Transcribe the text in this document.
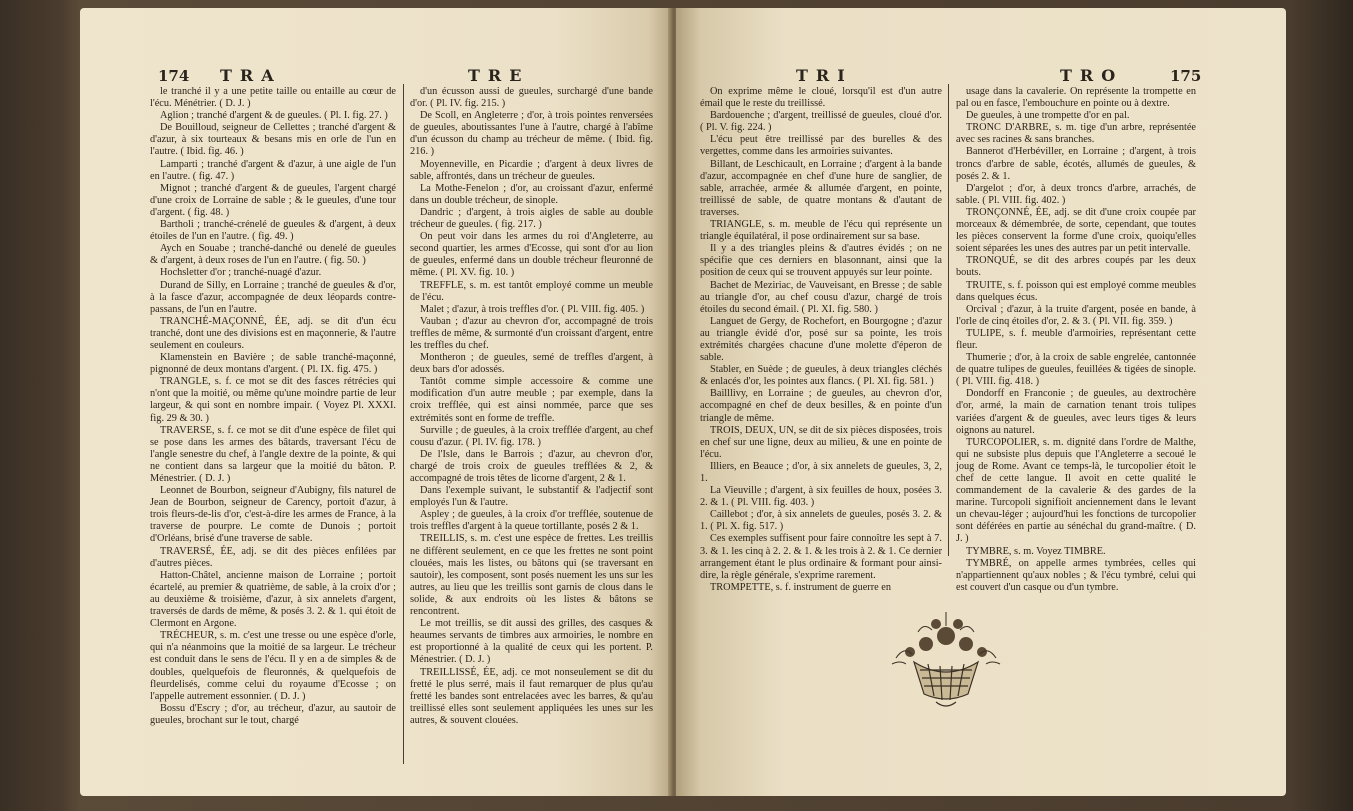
174 TRA	TRE

le tranché il y a une petite taille ou entaille au cœur de l'écu. Ménétrier. ( D. J. )

Aglion ; tranché d'argent & de gueules. ( Pl. I. fig. 27. )

De Bouilloud, seigneur de Cellettes ; tranché d'argent & d'azur, à six tourteaux & besans mis en orle de l'un en l'autre. ( Ibid. fig. 46. )

Lamparti ; tranché d'argent & d'azur, à une aigle de l'un en l'autre. ( fig. 47. )

Mignot ; tranché d'argent & de gueules, l'argent chargé d'une croix de Lorraine de sable ; & le gueules, d'une tour d'argent. ( fig. 48. )

Bartholi ; tranché-crénelé de gueules & d'argent, à deux étoiles de l'un en l'autre. ( fig. 49. )

Aych en Souabe ; tranché-danché ou denelé de gueules & d'argent, à deux roses de l'un en l'autre. ( fig. 50. )

Hochsletter d'or ; tranché-nuagé d'azur.

Durand de Silly, en Lorraine ; tranché de gueules & d'or, à la fasce d'azur, accompagnée de deux léopards contre-passans, de l'un en l'autre.

TRANCHÉ-MAÇONNÉ, ÉE, adj. se dit d'un écu tranché, dont une des divisions est en maçonnerie, & l'autre seulement en couleurs.

Klamenstein en Bavière ; de sable tranché-maçonné, pignonné de deux montans d'argent. ( Pl. IX. fig. 475. )

TRANGLE, s. f. ce mot se dit des fasces rétrécies qui n'ont que la moitié, ou même qu'une moindre partie de leur largeur, & qui sont en nombre impair. ( Voyez Pl. XXXI. fig. 29 & 30. )

TRAVERSE, s. f. ce mot se dit d'une espèce de filet qui se pose dans les armes des bâtards, traversant l'écu de l'angle senestre du chef, à l'angle dextre de la pointe, & qui ne contient dans sa largeur que la moitié du bâton. P. Ménestrier. ( D. J. )

Leonnet de Bourbon, seigneur d'Aubigny, fils naturel de Jean de Bourbon, seigneur de Carency, portoit d'azur, à trois fleurs-de-lis d'or, c'est-à-dire les armes de France, à la traverse de pourpre. Le comte de Dunois ; portoit d'Orléans, brisé d'une traverse de sable.

TRAVERSÉ, ÉE, adj. se dit des pièces enfilées par d'autres pièces.

Hatton-Châtel, ancienne maison de Lorraine ; portoit écartelé, au premier & quatrième, de sable, à la croix d'or ; au deuxième & troisième, d'azur, à six annelets d'argent, traversés de dards de même, & posés 3. 2. & 1. qui étoit de Clermont en Argone.

TRÉCHEUR, s. m. c'est une tresse ou une espèce d'orle, qui n'a néanmoins que la moitié de sa largeur. Le trécheur est conduit dans le sens de l'écu. Il y en a de simples & de doubles, quelquefois de fleuronnés, & quelquefois de fleurdelisés, comme celui du royaume d'Ecosse ; on l'appelle autrement essonnier. ( D. J. )

Bossu d'Escry ; d'or, au trécheur, d'azur, au sautoir de gueules, brochant sur le tout, chargé

d'un écusson aussi de gueules, surchargé d'une bande d'or. ( Pl. IV. fig. 215. )

De Scoll, en Angleterre ; d'or, à trois pointes renversées de gueules, aboutissantes l'une à l'autre, chargé à l'abîme d'un écusson du champ au trécheur de même. ( Ibid. fig. 216. )

Moyenneville, en Picardie ; d'argent à deux livres de sable, affrontés, dans un trécheur de gueules.

La Mothe-Fenelon ; d'or, au croissant d'azur, enfermé dans un double trécheur, de sinople.

Dandric ; d'argent, à trois aigles de sable au double trécheur de gueules. ( fig. 217. )

On peut voir dans les armes du roi d'Angleterre, au second quartier, les armes d'Ecosse, qui sont d'or au lion de gueules, enfermé dans un double trécheur fleuronné de même. ( Pl. XV. fig. 10. )

TREFFLE, s. m. est tantôt employé comme un meuble de l'écu.

Malet ; d'azur, à trois treffles d'or. ( Pl. VIII. fig. 405. )

Vauban ; d'azur au chevron d'or, accompagné de trois treffles de même, & surmonté d'un croissant d'argent, entre les treffles du chef.

Montheron ; de gueules, semé de treffles d'argent, à deux bars d'or adossés.

Tantôt comme simple accessoire & comme une modification d'un autre meuble ; par exemple, dans la croix trefflée, qui est ainsi nommée, parce que ses extrémités sont en forme de treffle.

Surville ; de gueules, à la croix trefflée d'argent, au chef cousu d'azur. ( Pl. IV. fig. 178. )

De l'Isle, dans le Barrois ; d'azur, au chevron d'or, chargé de trois croix de gueules trefflées & 2, & accompagné de trois têtes de licorne d'argent, 2 & 1.

Dans l'exemple suivant, le substantif & l'adjectif sont employés l'un & l'autre.

Aspley ; de gueules, à la croix d'or trefflée, soutenue de trois treffles d'argent à la queue tortillante, posés 2 & 1.

TREILLIS, s. m. c'est une espèce de frettes. Les treillis ne diffèrent seulement, en ce que les frettes ne sont point clouées, mais les listes, ou bâtons qui (se traversant en sautoir), les composent, sont posés nuement les uns sur les autres, au lieu que les treillis sont garnis de clous dans le solide, & aux endroits où les listes & bâtons se rencontrent.

Le mot treillis, se dit aussi des grilles, des casques & heaumes servants de timbres aux armoiries, le nombre en est proportionné à la qualité de ceux qui les portent. P. Ménestrier. ( D. J. )

TREILLISSÉ, ÉE, adj. ce mot nonseulement se dit du fretté le plus serré, mais il faut remarquer de plus qu'au fretté les bandes sont entrelacées avec les barres, & qu'au treillissé elles sont seulement appliquées les unes sur les autres, & souvent clouées.

TRI	TRO	175

On exprime même le cloué, lorsqu'il est d'un autre émail que le reste du treillissé.

Bardouenche ; d'argent, treillissé de gueules, cloué d'or. ( Pl. V. fig. 224. )

L'écu peut être treillissé par des burelles & des vergettes, comme dans les armoiries suivantes.

Billant, de Leschicault, en Lorraine ; d'argent à la bande d'azur, accompagnée en chef d'une hure de sanglier, de sable, arrachée, armée & allumée d'argent, en pointe, treillissé de sable, de quatre montans & d'autant de traverses.

TRIANGLE, s. m. meuble de l'écu qui représente un triangle équilatéral, il pose ordinairement sur sa base.

Il y a des triangles pleins & d'autres évidés ; on ne spécifie que ces derniers en blasonnant, ainsi que la position de ceux qui se trouvent appuyés sur leur pointe.

Bachet de Meziriac, de Vauveisant, en Bresse ; de sable au triangle d'or, au chef cousu d'azur, chargé de trois étoiles du second émail. ( Pl. XI. fig. 580. )

Languet de Gergy, de Rochefort, en Bourgogne ; d'azur au triangle évidé d'or, posé sur sa pointe, les trois extrémités chargées chacune d'une molette d'éperon de sable.

Stabler, en Suède ; de gueules, à deux triangles cléchés & enlacés d'or, les pointes aux flancs. ( Pl. XI. fig. 581. )

Bailllivy, en Lorraine ; de gueules, au chevron d'or, accompagné en chef de deux besilles, & en pointe d'un triangle de même.

TROIS, DEUX, UN, se dit de six pièces disposées, trois en chef sur une ligne, deux au milieu, & une en pointe de l'écu.

Illiers, en Beauce ; d'or, à six annelets de gueules, 3, 2, 1.

La Vieuville ; d'argent, à six feuilles de houx, posées 3. 2. & 1. ( Pl. VIII. fig. 403. )

Caillebot ; d'or, à six annelets de gueules, posés 3. 2. & 1. ( Pl. X. fig. 517. )

Ces exemples suffisent pour faire connoître les sept à 7. 3. & 1. les cinq à 2. 2. & 1. & les trois à 2. & 1. Ce dernier arrangement étant le plus ordinaire & formant pour ainsi-dire, la règle générale, s'exprime rarement.

TROMPETTE, s. f. instrument de guerre en

usage dans la cavalerie. On représente la trompette en pal ou en fasce, l'embouchure en pointe ou à dextre.

De gueules, à une trompette d'or en pal.

TRONC D'ARBRE, s. m. tige d'un arbre, représentée avec ses racines & sans branches.

Bannerot d'Herbéviller, en Lorraine ; d'argent, à trois troncs d'arbre de sable, écotés, allumés de gueules, & posés 2. & 1.

D'argelot ; d'or, à deux troncs d'arbre, arrachés, de sable. ( Pl. VIII. fig. 402. )

TRONÇONNÉ, ÉE, adj. se dit d'une croix coupée par morceaux & démembrée, de sorte, cependant, que toutes les pièces conservent la forme d'une croix, quoiqu'elles soient séparées les unes des autres par un petit intervalle.

TRONQUÉ, se dit des arbres coupés par les deux bouts.

TRUITE, s. f. poisson qui est employé comme meubles dans quelques écus.

Orcival ; d'azur, à la truite d'argent, posée en bande, à l'orle de cinq étoiles d'or, 2. & 3. ( Pl. VII. fig. 359. )

TULIPE, s. f. meuble d'armoiries, représentant cette fleur.

Thumerie ; d'or, à la croix de sable engrelée, cantonnée de quatre tulipes de gueules, feuillées & tigées de sinople. ( Pl. VIII. fig. 418. )

Dondorff en Franconie ; de gueules, au dextrochère d'or, armé, la main de carnation tenant trois tulipes variées d'argent & de gueules, avec leurs tiges & leurs oignons au naturel.

TURCOPOLIER, s. m. dignité dans l'ordre de Malthe, qui ne subsiste plus depuis que l'Angleterre a secoué le joug de Rome. Avant ce temps-là, le turcopolier étoit le chef de cette langue. Il avoit en cette qualité le commandement de la cavalerie & des gardes de la marine. Turcopoli signifioit anciennement dans le levant un chevau-léger ; aujourd'hui les fonctions de turcopolier sont déférées en partie au sénéchal du grand-maître. ( D. J. )

TYMBRE, s. m. Voyez TIMBRE.

TYMBRÉ, on appelle armes tymbrées, celles qui n'appartiennent qu'aux nobles ; & l'écu tymbré, celui qui est couvert d'un casque ou d'un tymbre.
